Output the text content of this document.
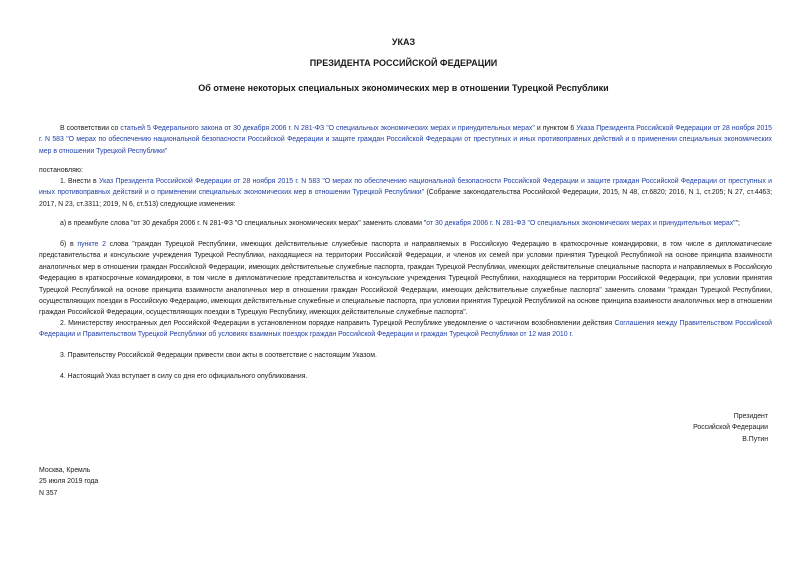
УКАЗ
ПРЕЗИДЕНТА РОССИЙСКОЙ ФЕДЕРАЦИИ
Об отмене некоторых специальных экономических мер в отношении Турецкой Республики
В соответствии со статьей 5 Федерального закона от 30 декабря 2006 г. N 281-ФЗ "О специальных экономических мерах и принудительных мерах" и пунктом 6 Указа Президента Российской Федерации от 28 ноября 2015 г. N 583 "О мерах по обеспечению национальной безопасности Российской Федерации и защите граждан Российской Федерации от преступных и иных противоправных действий и о применении специальных экономических мер в отношении Турецкой Республики"
постановляю:
1. Внести в Указ Президента Российской Федерации от 28 ноября 2015 г. N 583 "О мерах по обеспечению национальной безопасности Российской Федерации и защите граждан Российской Федерации от преступных и иных противоправных действий и о применении специальных экономических мер в отношении Турецкой Республики" (Собрание законодательства Российской Федерации, 2015, N 48, ст.6820; 2016, N 1, ст.205; N 27, ст.4463; 2017, N 23, ст.3311; 2019, N 6, ст.513) следующие изменения:
а) в преамбуле слова "от 30 декабря 2006 г. N 281-ФЗ "О специальных экономических мерах" заменить словами "от 30 декабря 2006 г. N 281-ФЗ "О специальных экономических мерах и принудительных мерах"";
б) в пункте 2 слова "граждан Турецкой Республики, имеющих действительные служебные паспорта и направляемых в Российскую Федерацию в краткосрочные командировки, в том числе в дипломатические представительства и консульские учреждения Турецкой Республики, находящиеся на территории Российской Федерации, и членов их семей при условии принятия Турецкой Республикой на основе принципа взаимности аналогичных мер в отношении граждан Российской Федерации, имеющих действительные служебные паспорта, граждан Турецкой Республики, имеющих действительные специальные паспорта и направляемых в Российскую Федерацию в краткосрочные командировки, в том числе в дипломатические представительства и консульские учреждения Турецкой Республики, находящиеся на территории Российской Федерации, при условии принятия Турецкой Республикой на основе принципа взаимности аналогичных мер в отношении граждан Российской Федерации, имеющих действительные служебные паспорта" заменить словами "граждан Турецкой Республики, осуществляющих поездки в Российскую Федерацию, имеющих действительные служебные и специальные паспорта, при условии принятия Турецкой Республикой на основе принципа взаимности аналогичных мер в отношении граждан Российской Федерации, осуществляющих поездки в Турецкую Республику, имеющих действительные служебные паспорта".
2. Министерству иностранных дел Российской Федерации в установленном порядке направить Турецкой Республике уведомление о частичном возобновлении действия Соглашения между Правительством Российской Федерации и Правительством Турецкой Республики об условиях взаимных поездок граждан Российской Федерации и граждан Турецкой Республики от 12 мая 2010 г.
3. Правительству Российской Федерации привести свои акты в соответствие с настоящим Указом.
4. Настоящий Указ вступает в силу со дня его официального опубликования.
Президент
Российской Федерации
В.Путин
Москва, Кремль
25 июля 2019 года
N 357
